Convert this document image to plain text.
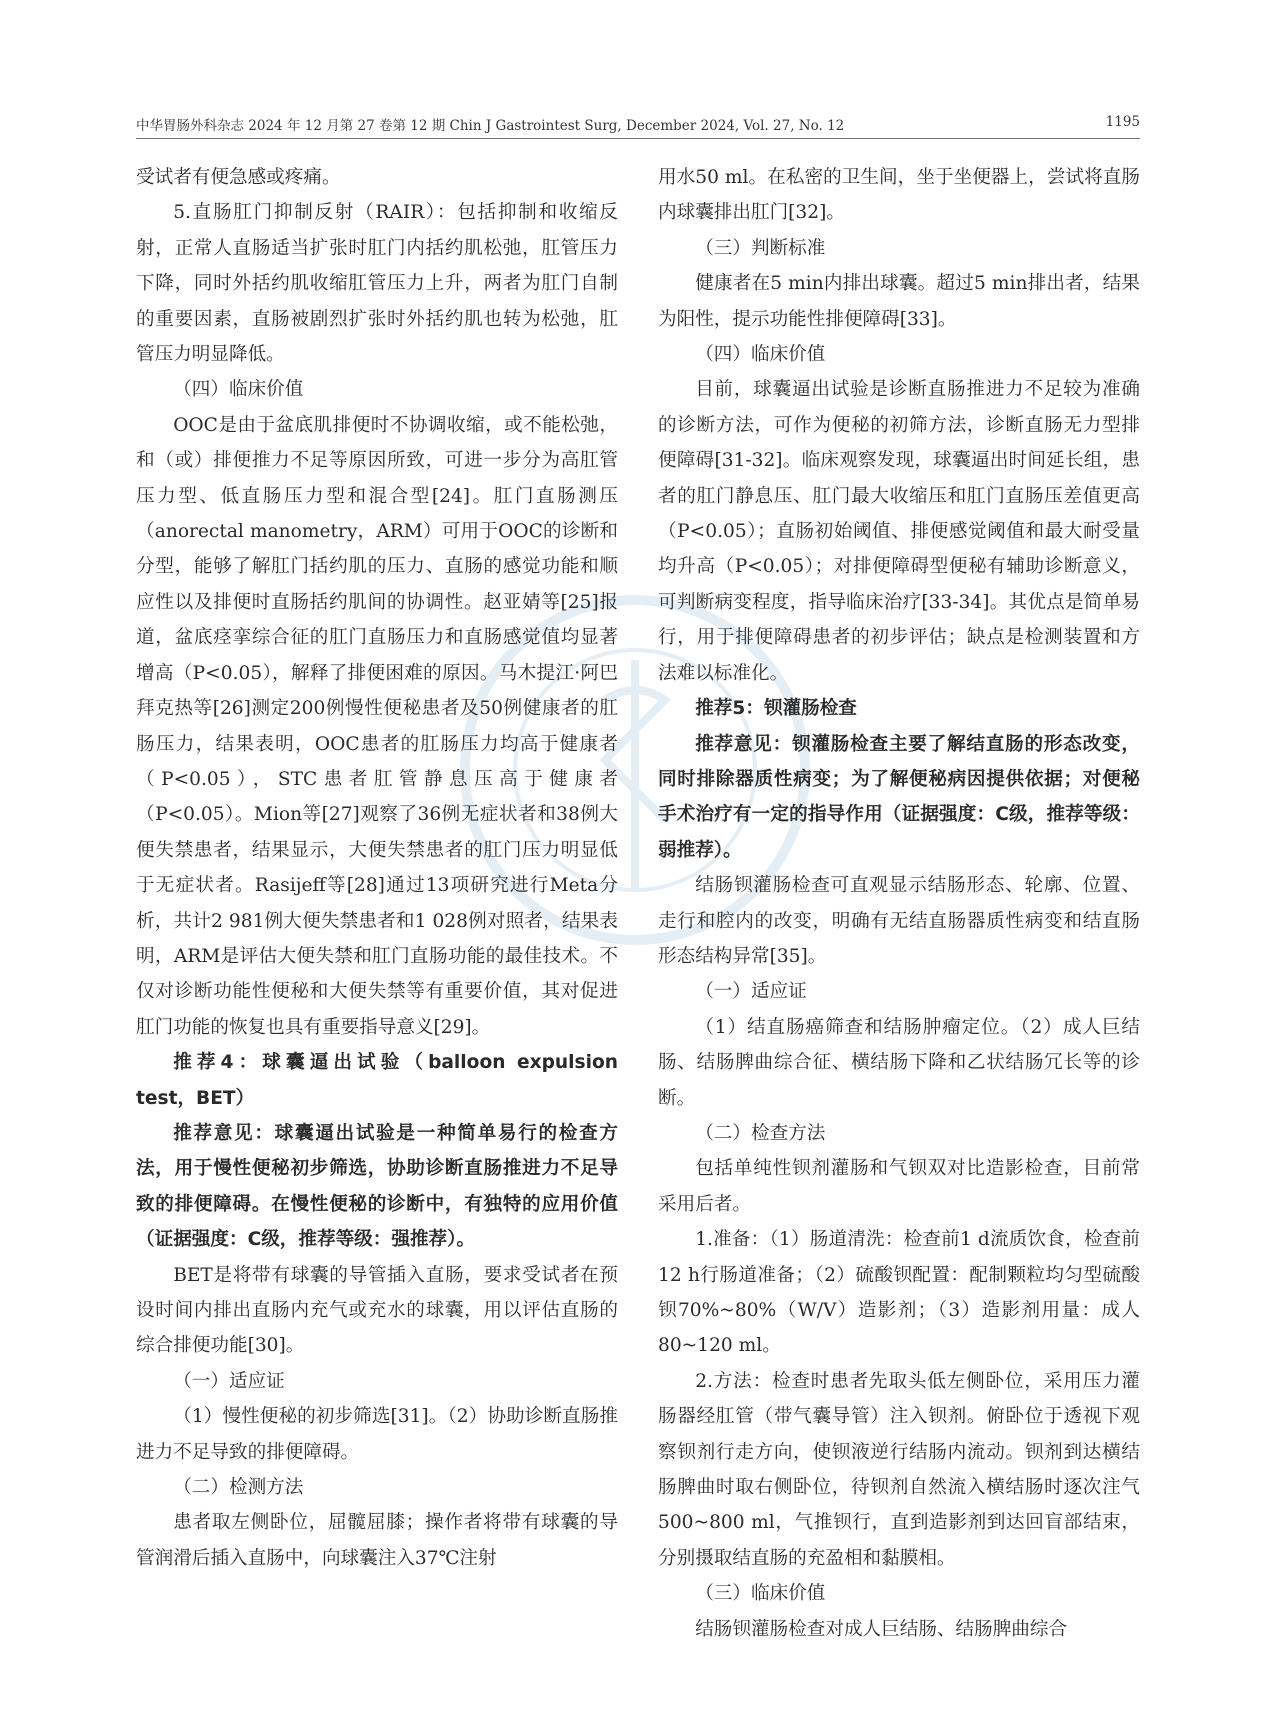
中华胃肠外科杂志 2024 年 12 月第 27 卷第 12 期 Chin J Gastrointest Surg, December 2024, Vol. 27, No. 12	1195

受试者有便急感或疼痛。

5.直肠肛门抑制反射（RAIR）：包括抑制和收缩反射，正常人直肠适当扩张时肛门内括约肌松弛，肛管压力下降，同时外括约肌收缩肛管压力上升，两者为肛门自制的重要因素，直肠被剧烈扩张时外括约肌也转为松弛，肛管压力明显降低。

（四）临床价值

OOC是由于盆底肌排便时不协调收缩，或不能松弛，和（或）排便推力不足等原因所致，可进一步分为高肛管压力型、低直肠压力型和混合型[24]。肛门直肠测压（anorectal manometry，ARM）可用于OOC的诊断和分型，能够了解肛门括约肌的压力、直肠的感觉功能和顺应性以及排便时直肠括约肌间的协调性。赵亚婧等[25]报道，盆底痉挛综合征的肛门直肠压力和直肠感觉值均显著增高（P<0.05），解释了排便困难的原因。马木提江·阿巴拜克热等[26]测定200例慢性便秘患者及50例健康者的肛肠压力，结果表明，OOC患者的肛肠压力均高于健康者（P<0.05），STC患者肛管静息压高于健康者（P<0.05）。Mion等[27]观察了36例无症状者和38例大便失禁患者，结果显示，大便失禁患者的肛门压力明显低于无症状者。Rasijeff等[28]通过13项研究进行Meta分析，共计2 981例大便失禁患者和1 028例对照者，结果表明，ARM是评估大便失禁和肛门直肠功能的最佳技术。不仅对诊断功能性便秘和大便失禁等有重要价值，其对促进肛门功能的恢复也具有重要指导意义[29]。

推荐4：球囊逼出试验（balloon expulsion test，BET）

推荐意见：球囊逼出试验是一种简单易行的检查方法，用于慢性便秘初步筛选，协助诊断直肠推进力不足导致的排便障碍。在慢性便秘的诊断中，有独特的应用价值（证据强度：C级，推荐等级：强推荐）。

BET是将带有球囊的导管插入直肠，要求受试者在预设时间内排出直肠内充气或充水的球囊，用以评估直肠的综合排便功能[30]。

（一）适应证

（1）慢性便秘的初步筛选[31]。（2）协助诊断直肠推进力不足导致的排便障碍。

（二）检测方法

患者取左侧卧位，屈髋屈膝；操作者将带有球囊的导管润滑后插入直肠中，向球囊注入37℃注射

用水50 ml。在私密的卫生间，坐于坐便器上，尝试将直肠内球囊排出肛门[32]。

（三）判断标准

健康者在5 min内排出球囊。超过5 min排出者，结果为阳性，提示功能性排便障碍[33]。

（四）临床价值

目前，球囊逼出试验是诊断直肠推进力不足较为准确的诊断方法，可作为便秘的初筛方法，诊断直肠无力型排便障碍[31-32]。临床观察发现，球囊逼出时间延长组，患者的肛门静息压、肛门最大收缩压和肛门直肠压差值更高（P<0.05）；直肠初始阈值、排便感觉阈值和最大耐受量均升高（P<0.05）；对排便障碍型便秘有辅助诊断意义，可判断病变程度，指导临床治疗[33-34]。其优点是简单易行，用于排便障碍患者的初步评估；缺点是检测装置和方法难以标准化。

推荐5：钡灌肠检查

推荐意见：钡灌肠检查主要了解结直肠的形态改变，同时排除器质性病变；为了解便秘病因提供依据；对便秘手术治疗有一定的指导作用（证据强度：C级，推荐等级：弱推荐）。

结肠钡灌肠检查可直观显示结肠形态、轮廓、位置、走行和腔内的改变，明确有无结直肠器质性病变和结直肠形态结构异常[35]。

（一）适应证

（1）结直肠癌筛查和结肠肿瘤定位。（2）成人巨结肠、结肠脾曲综合征、横结肠下降和乙状结肠冗长等的诊断。

（二）检查方法

包括单纯性钡剂灌肠和气钡双对比造影检查，目前常采用后者。

1.准备：（1）肠道清洗：检查前1 d流质饮食，检查前12 h行肠道准备；（2）硫酸钡配置：配制颗粒均匀型硫酸钡70%~80%（W/V）造影剂；（3）造影剂用量：成人80~120 ml。

2.方法：检查时患者先取头低左侧卧位，采用压力灌肠器经肛管（带气囊导管）注入钡剂。俯卧位于透视下观察钡剂行走方向，使钡液逆行结肠内流动。钡剂到达横结肠脾曲时取右侧卧位，待钡剂自然流入横结肠时逐次注气500~800 ml，气推钡行，直到造影剂到达回盲部结束，分别摄取结直肠的充盈相和黏膜相。

（三）临床价值

结肠钡灌肠检查对成人巨结肠、结肠脾曲综合
